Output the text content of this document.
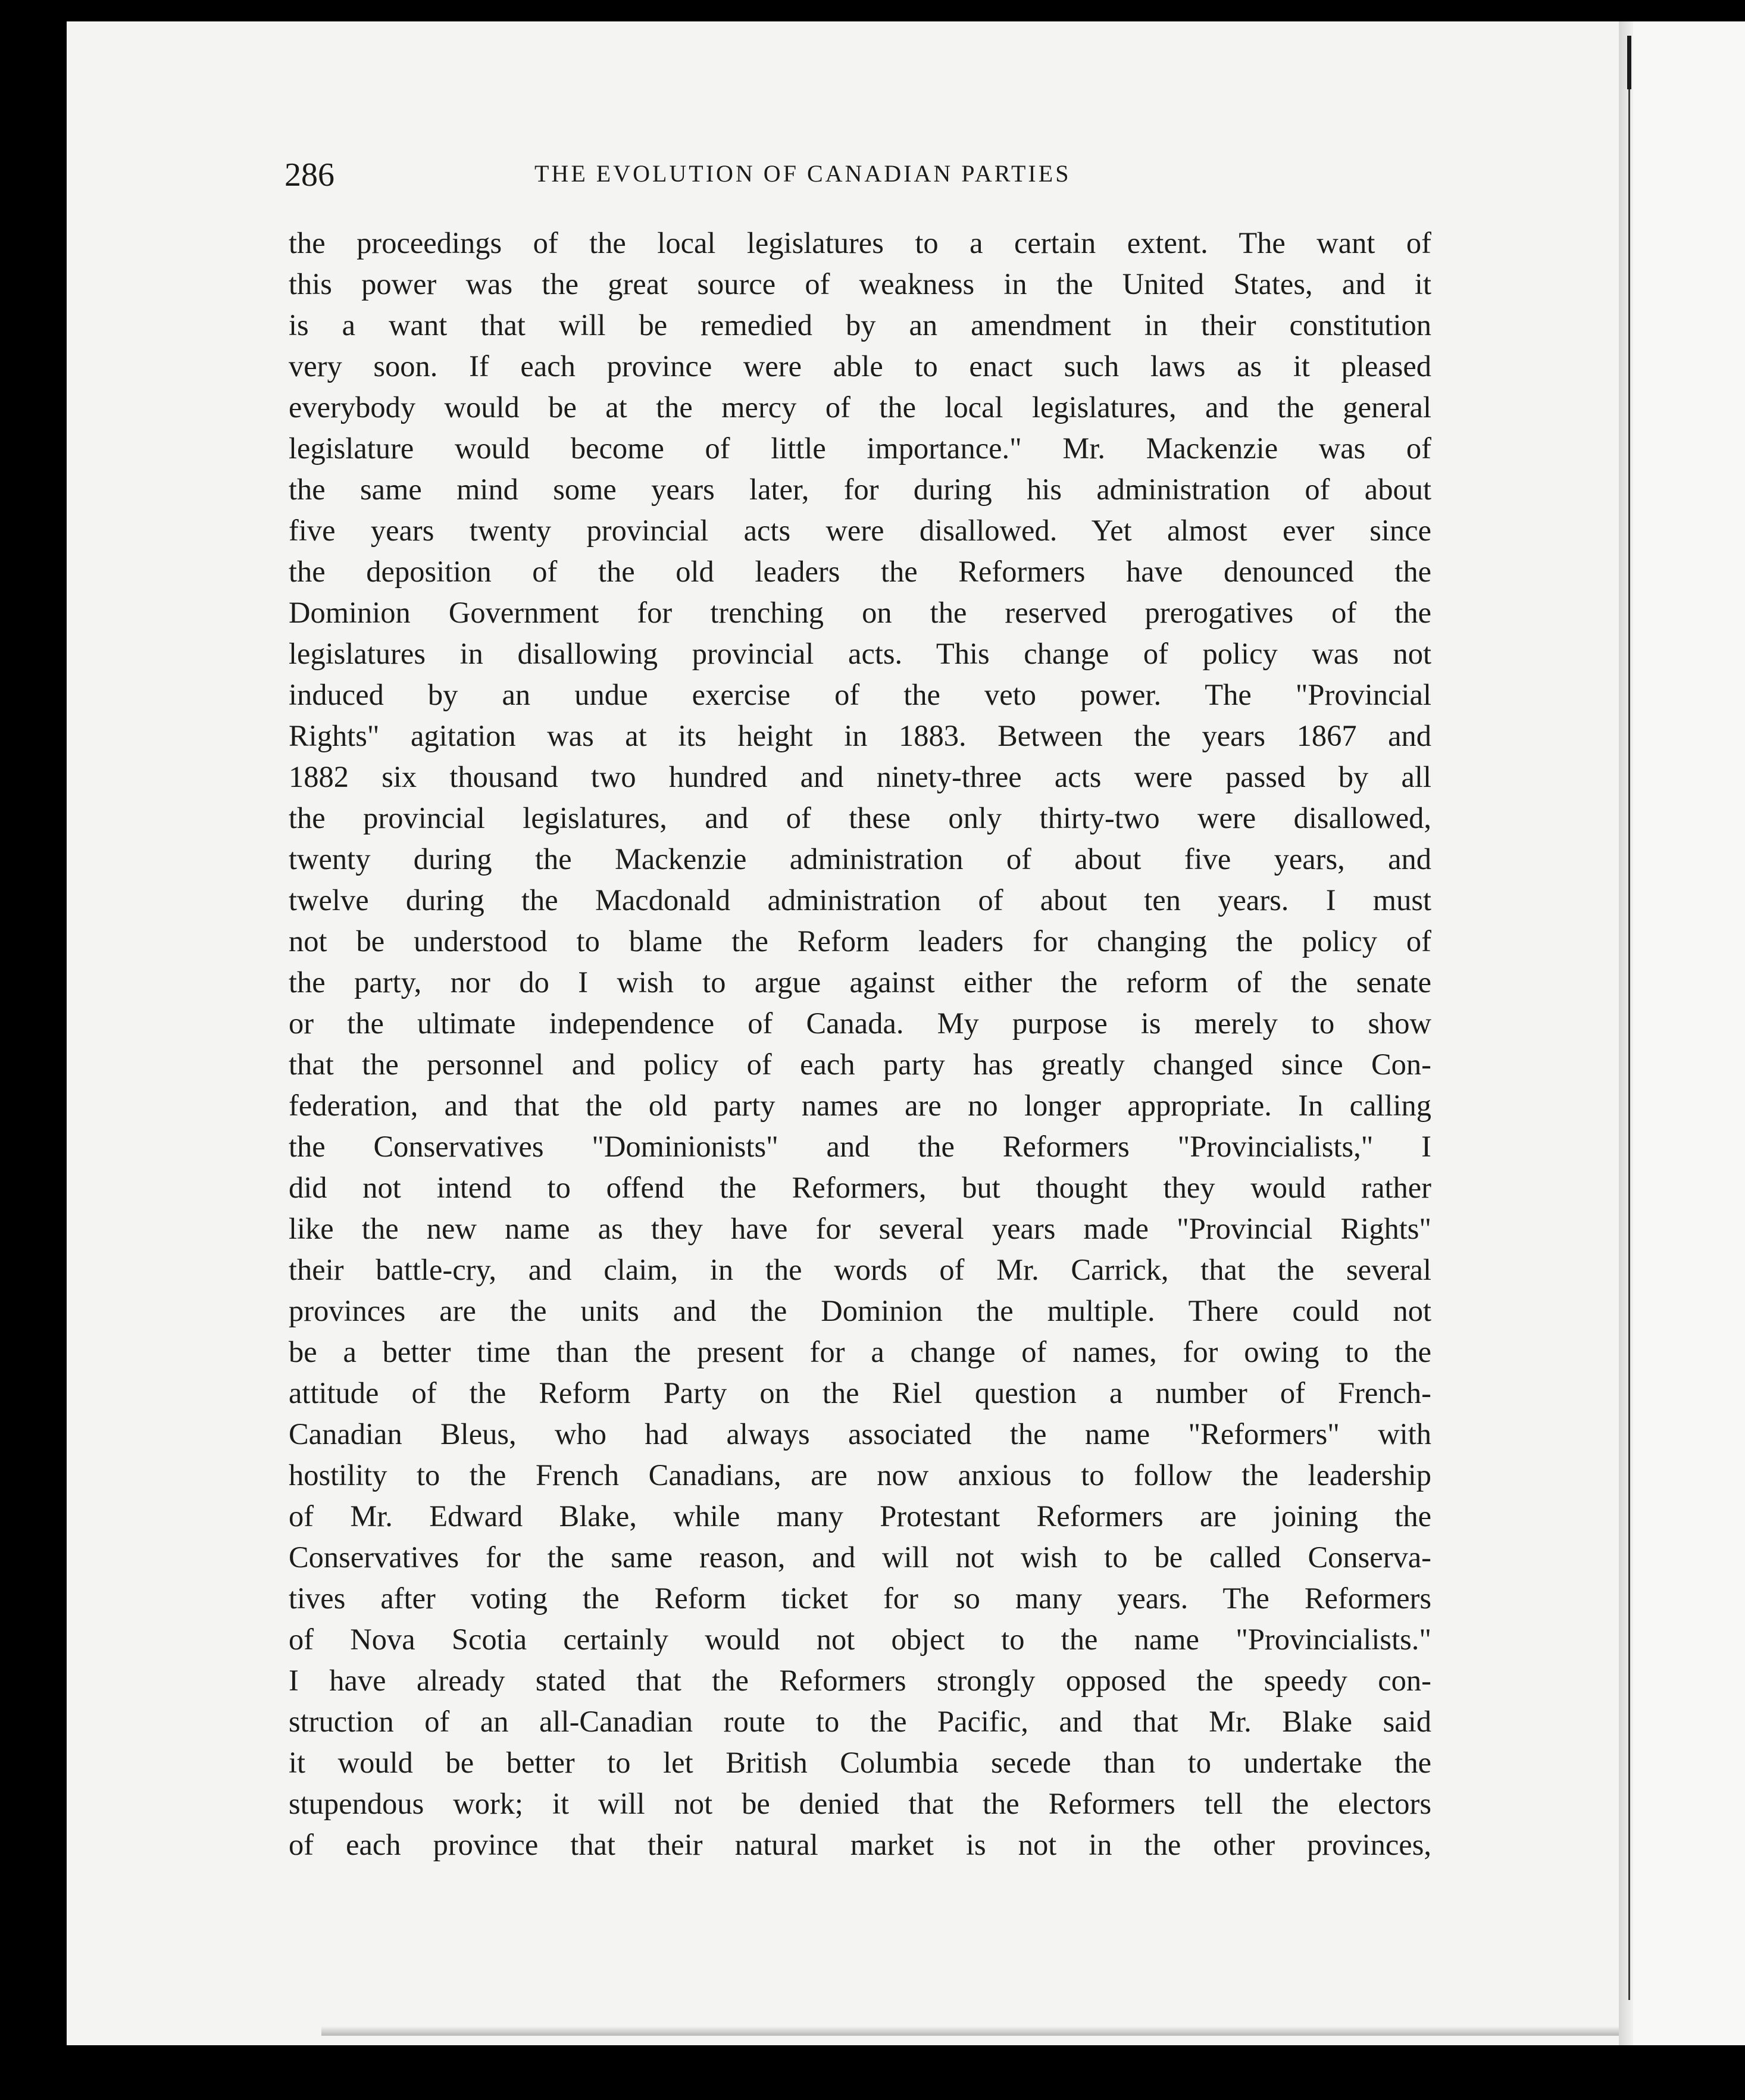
286	THE EVOLUTION OF CANADIAN PARTIES
the proceedings of the local legislatures to a certain extent. The want of
this power was the great source of weakness in the United States, and it
is a want that will be remedied by an amendment in their constitution
very soon. If each province were able to enact such laws as it pleased
everybody would be at the mercy of the local legislatures, and the general
legislature would become of little importance." Mr. Mackenzie was of
the same mind some years later, for during his administration of about
five years twenty provincial acts were disallowed. Yet almost ever since
the deposition of the old leaders the Reformers have denounced the
Dominion Government for trenching on the reserved prerogatives of the
legislatures in disallowing provincial acts. This change of policy was not
induced by an undue exercise of the veto power. The "Provincial
Rights" agitation was at its height in 1883. Between the years 1867 and
1882 six thousand two hundred and ninety-three acts were passed by all
the provincial legislatures, and of these only thirty-two were disallowed,
twenty during the Mackenzie administration of about five years, and
twelve during the Macdonald administration of about ten years. I must
not be understood to blame the Reform leaders for changing the policy of
the party, nor do I wish to argue against either the reform of the senate
or the ultimate independence of Canada. My purpose is merely to show
that the personnel and policy of each party has greatly changed since Con-
federation, and that the old party names are no longer appropriate. In calling
the Conservatives "Dominionists" and the Reformers "Provincialists," I
did not intend to offend the Reformers, but thought they would rather
like the new name as they have for several years made "Provincial Rights"
their battle-cry, and claim, in the words of Mr. Carrick, that the several
provinces are the units and the Dominion the multiple. There could not
be a better time than the present for a change of names, for owing to the
attitude of the Reform Party on the Riel question a number of French-
Canadian Bleus, who had always associated the name "Reformers" with
hostility to the French Canadians, are now anxious to follow the leadership
of Mr. Edward Blake, while many Protestant Reformers are joining the
Conservatives for the same reason, and will not wish to be called Conserva-
tives after voting the Reform ticket for so many years. The Reformers
of Nova Scotia certainly would not object to the name "Provincialists."
I have already stated that the Reformers strongly opposed the speedy con-
struction of an all-Canadian route to the Pacific, and that Mr. Blake said
it would be better to let British Columbia secede than to undertake the
stupendous work; it will not be denied that the Reformers tell the electors
of each province that their natural market is not in the other provinces,
